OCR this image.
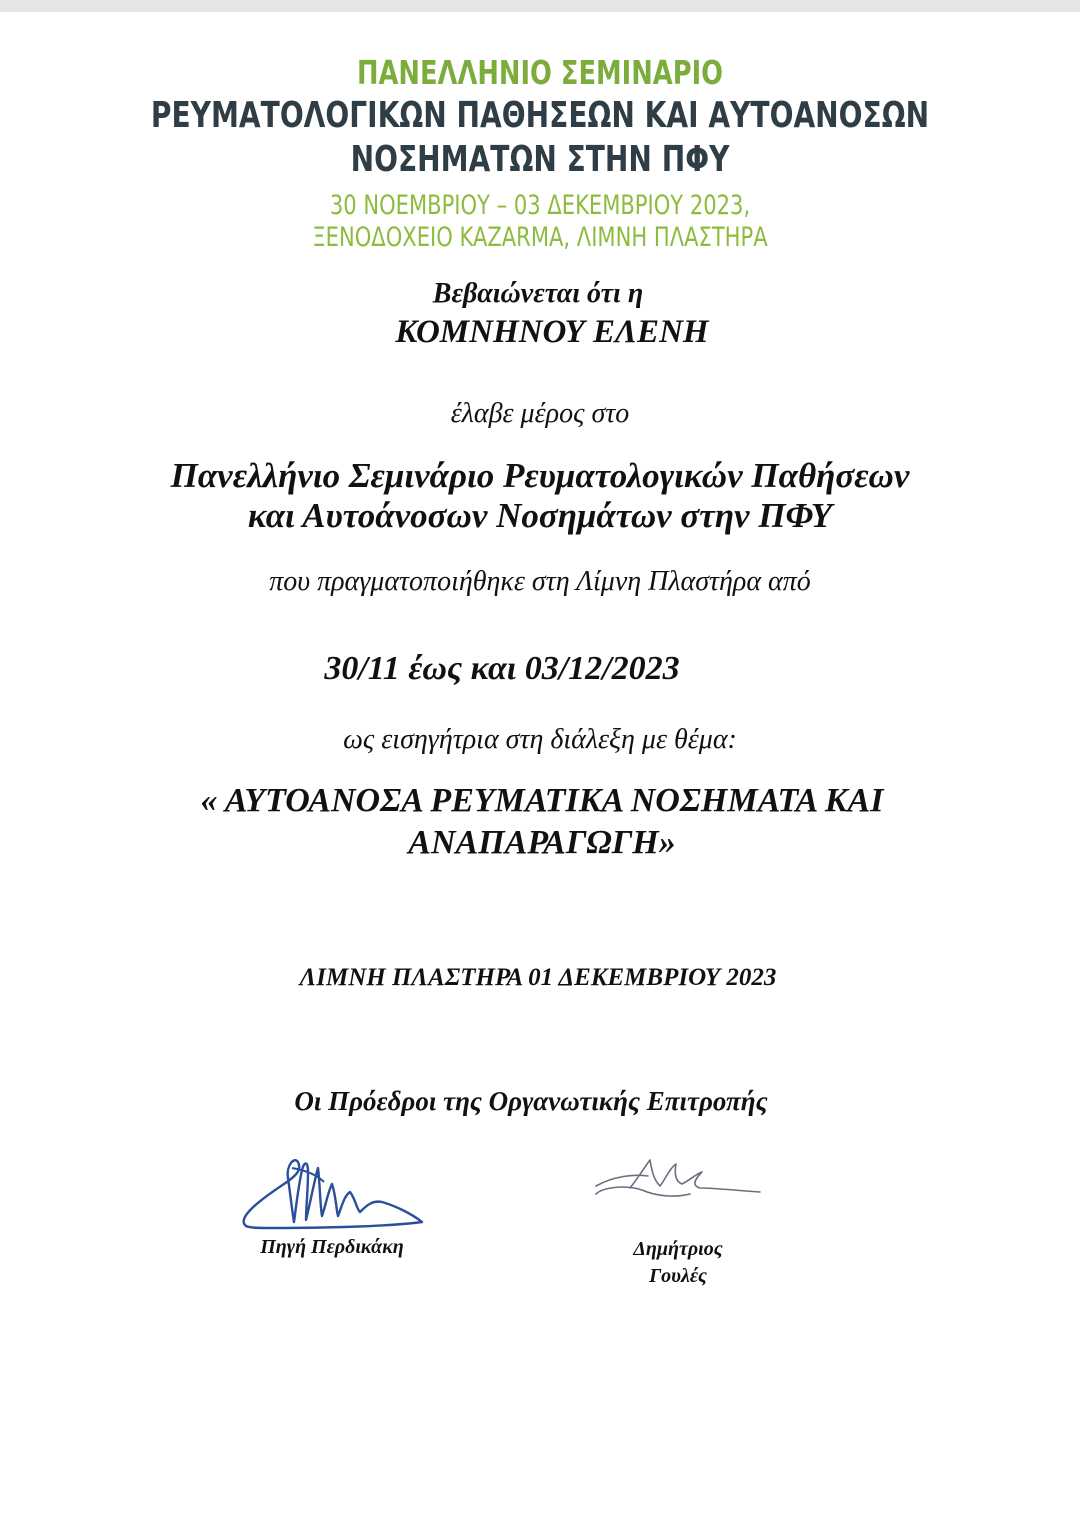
ΠΑΝΕΛΛΗΝΙΟ ΣΕΜΙΝΑΡΙΟ
ΡΕΥΜΑΤΟΛΟΓΙΚΩΝ ΠΑΘΗΣΕΩΝ ΚΑΙ ΑΥΤΟΑΝΟΣΩΝ
ΝΟΣΗΜΑΤΩΝ ΣΤΗΝ ΠΦΥ
30 ΝΟΕΜΒΡΙΟΥ – 03 ΔΕΚΕΜΒΡΙΟΥ 2023,
ΞΕΝΟΔΟΧΕΙΟ KAZARMA, ΛΙΜΝΗ ΠΛΑΣΤΗΡΑ
Βεβαιώνεται ότι η
ΚΟΜΝΗΝΟΥ ΕΛΕΝΗ
έλαβε μέρος στο
Πανελλήνιο Σεμινάριο Ρευματολογικών Παθήσεων
και Αυτοάνοσων Νοσημάτων στην ΠΦΥ
που πραγματοποιήθηκε στη Λίμνη Πλαστήρα από
30/11 έως και 03/12/2023
ως εισηγήτρια στη διάλεξη με θέμα:
« ΑΥΤΟΑΝΟΣΑ ΡΕΥΜΑΤΙΚΑ ΝΟΣΗΜΑΤΑ ΚΑΙ
ΑΝΑΠΑΡΑΓΩΓΗ»
ΛΙΜΝΗ ΠΛΑΣΤΗΡΑ 01 ΔΕΚΕΜΒΡΙΟΥ 2023
Οι Πρόεδροι της Οργανωτικής Επιτροπής
Πηγή Περδικάκη	Δημήτριος
Γουλές
